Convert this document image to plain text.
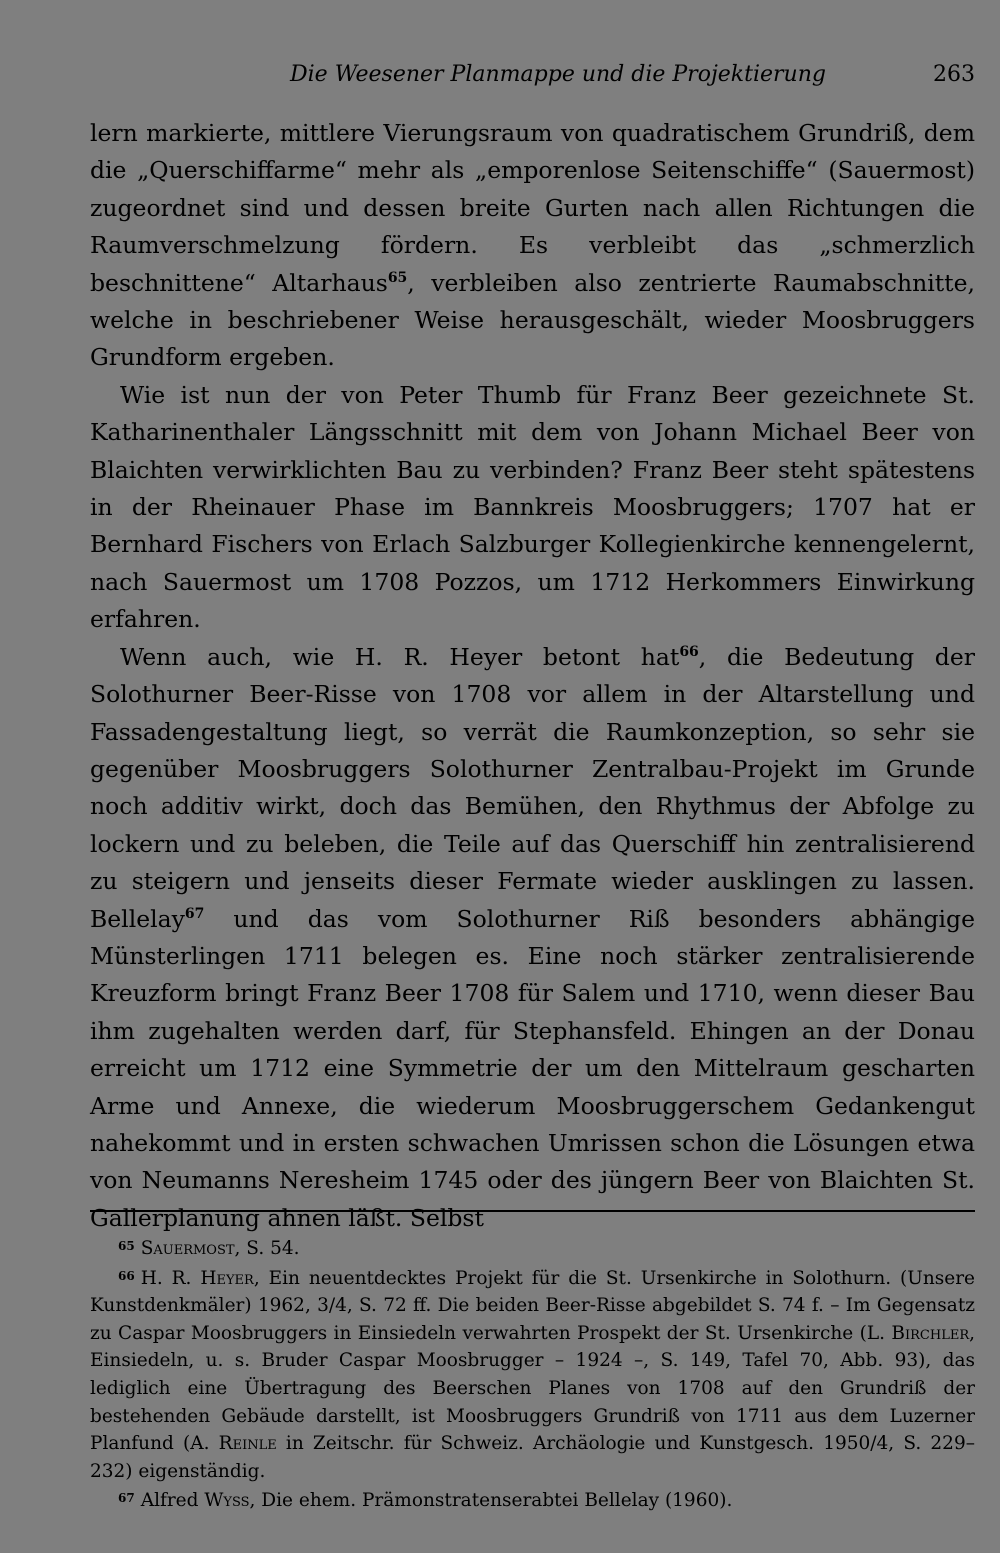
Die Weesener Planmappe und die Projektierung	263

lern markierte, mittlere Vierungsraum von quadratischem Grundriß, dem die „Querschiffarme“ mehr als „emporenlose Seitenschiffe“ (Sauermost) zugeordnet sind und dessen breite Gurten nach allen Richtungen die Raumverschmelzung fördern. Es verbleibt das „schmerzlich beschnittene“ Altarhaus$^{65}$, verbleiben also zentrierte Raumabschnitte, welche in beschriebener Weise herausgeschält, wieder Moosbruggers Grundform ergeben.

Wie ist nun der von Peter Thumb für Franz Beer gezeichnete St. Katharinenthaler Längsschnitt mit dem von Johann Michael Beer von Blaichten verwirklichten Bau zu verbinden? Franz Beer steht spätestens in der Rheinauer Phase im Bannkreis Moosbruggers; 1707 hat er Bernhard Fischers von Erlach Salzburger Kollegienkirche kennengelernt, nach Sauermost um 1708 Pozzos, um 1712 Herkommers Einwirkung erfahren.

Wenn auch, wie H. R. Heyer betont hat$^{66}$, die Bedeutung der Solothurner Beer-Risse von 1708 vor allem in der Altarstellung und Fassadengestaltung liegt, so verrät die Raumkonzeption, so sehr sie gegenüber Moosbruggers Solothurner Zentralbau-Projekt im Grunde noch additiv wirkt, doch das Bemühen, den Rhythmus der Abfolge zu lockern und zu beleben, die Teile auf das Querschiff hin zentralisierend zu steigern und jenseits dieser Fermate wieder ausklingen zu lassen. Bellelay$^{67}$ und das vom Solothurner Riß besonders abhängige Münsterlingen 1711 belegen es. Eine noch stärker zentralisierende Kreuzform bringt Franz Beer 1708 für Salem und 1710, wenn dieser Bau ihm zugehalten werden darf, für Stephansfeld. Ehingen an der Donau erreicht um 1712 eine Symmetrie der um den Mittelraum gescharten Arme und Annexe, die wiederum Moosbruggerschem Gedankengut nahekommt und in ersten schwachen Umrissen schon die Lösungen etwa von Neumanns Neresheim 1745 oder des jüngern Beer von Blaichten St. Gallerplanung ahnen läßt. Selbst

$^{65}$ Sauermost, S. 54.

$^{66}$ H. R. Heyer, Ein neuentdecktes Projekt für die St. Ursenkirche in Solothurn. (Unsere Kunstdenkmäler) 1962, 3/4, S. 72 ff. Die beiden Beer-Risse abgebildet S. 74 f. – Im Gegensatz zu Caspar Moosbruggers in Einsiedeln verwahrten Prospekt der St. Ursenkirche (L. Birchler, Einsiedeln, u. s. Bruder Caspar Moosbrugger – 1924 –, S. 149, Tafel 70, Abb. 93), das lediglich eine Übertragung des Beerschen Planes von 1708 auf den Grundriß der bestehenden Gebäude darstellt, ist Moosbruggers Grundriß von 1711 aus dem Luzerner Planfund (A. Reinle in Zeitschr. für Schweiz. Archäologie und Kunstgesch. 1950/4, S. 229–232) eigenständig.

$^{67}$ Alfred Wyss, Die ehem. Prämonstratenserabtei Bellelay (1960).
